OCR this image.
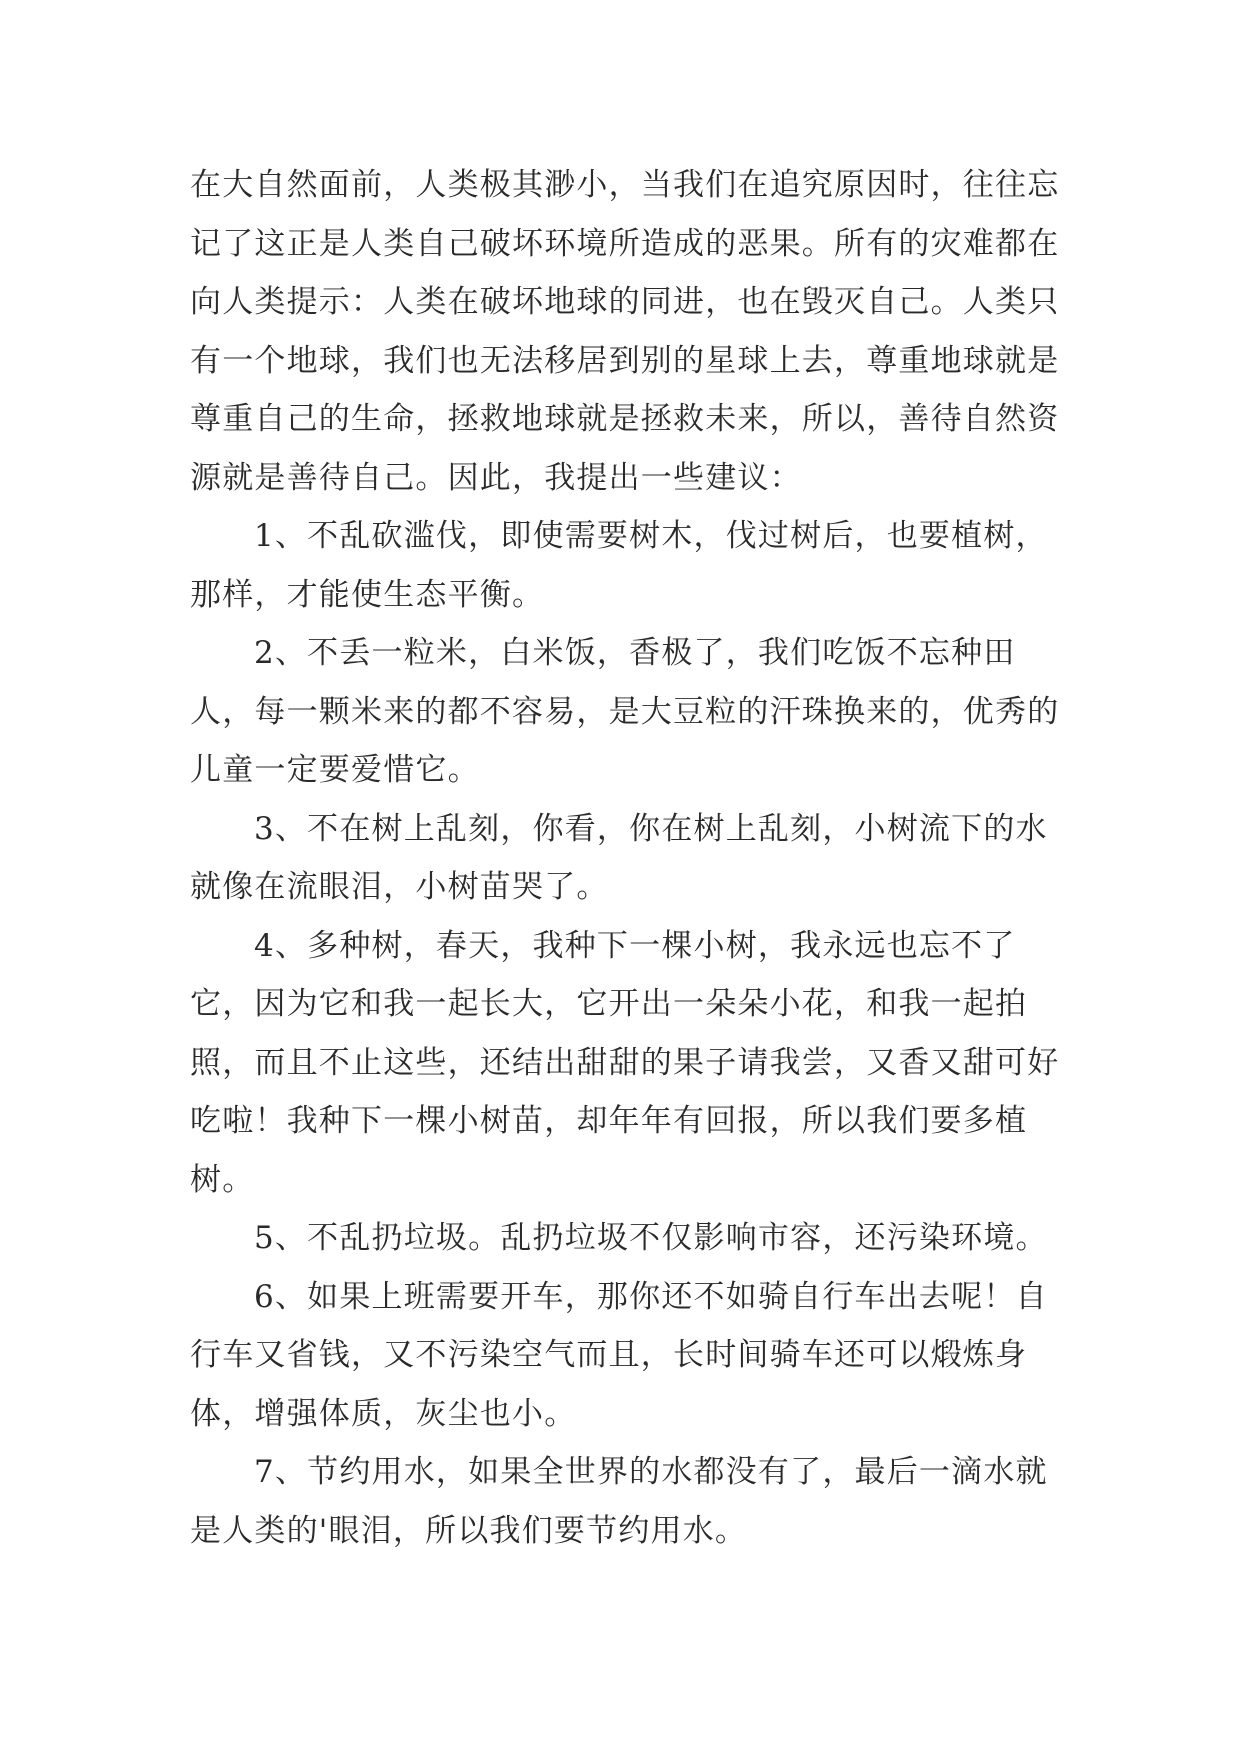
在大自然面前，人类极其渺小，当我们在追究原因时，往往忘记了这正是人类自己破坏环境所造成的恶果。所有的灾难都在向人类提示：人类在破坏地球的同进，也在毁灭自己。人类只有一个地球，我们也无法移居到别的星球上去，尊重地球就是尊重自己的生命，拯救地球就是拯救未来，所以，善待自然资源就是善待自己。因此，我提出一些建议：

1、不乱砍滥伐，即使需要树木，伐过树后，也要植树，那样，才能使生态平衡。

2、不丢一粒米，白米饭，香极了，我们吃饭不忘种田人，每一颗米来的都不容易，是大豆粒的汗珠换来的，优秀的儿童一定要爱惜它。

3、不在树上乱刻，你看，你在树上乱刻，小树流下的水就像在流眼泪，小树苗哭了。

4、多种树，春天，我种下一棵小树，我永远也忘不了它，因为它和我一起长大，它开出一朵朵小花，和我一起拍照，而且不止这些，还结出甜甜的果子请我尝，又香又甜可好吃啦！我种下一棵小树苗，却年年有回报，所以我们要多植树。

5、不乱扔垃圾。乱扔垃圾不仅影响市容，还污染环境。

6、如果上班需要开车，那你还不如骑自行车出去呢！自行车又省钱，又不污染空气而且，长时间骑车还可以煅炼身体，增强体质，灰尘也小。

7、节约用水，如果全世界的水都没有了，最后一滴水就是人类的'眼泪，所以我们要节约用水。
